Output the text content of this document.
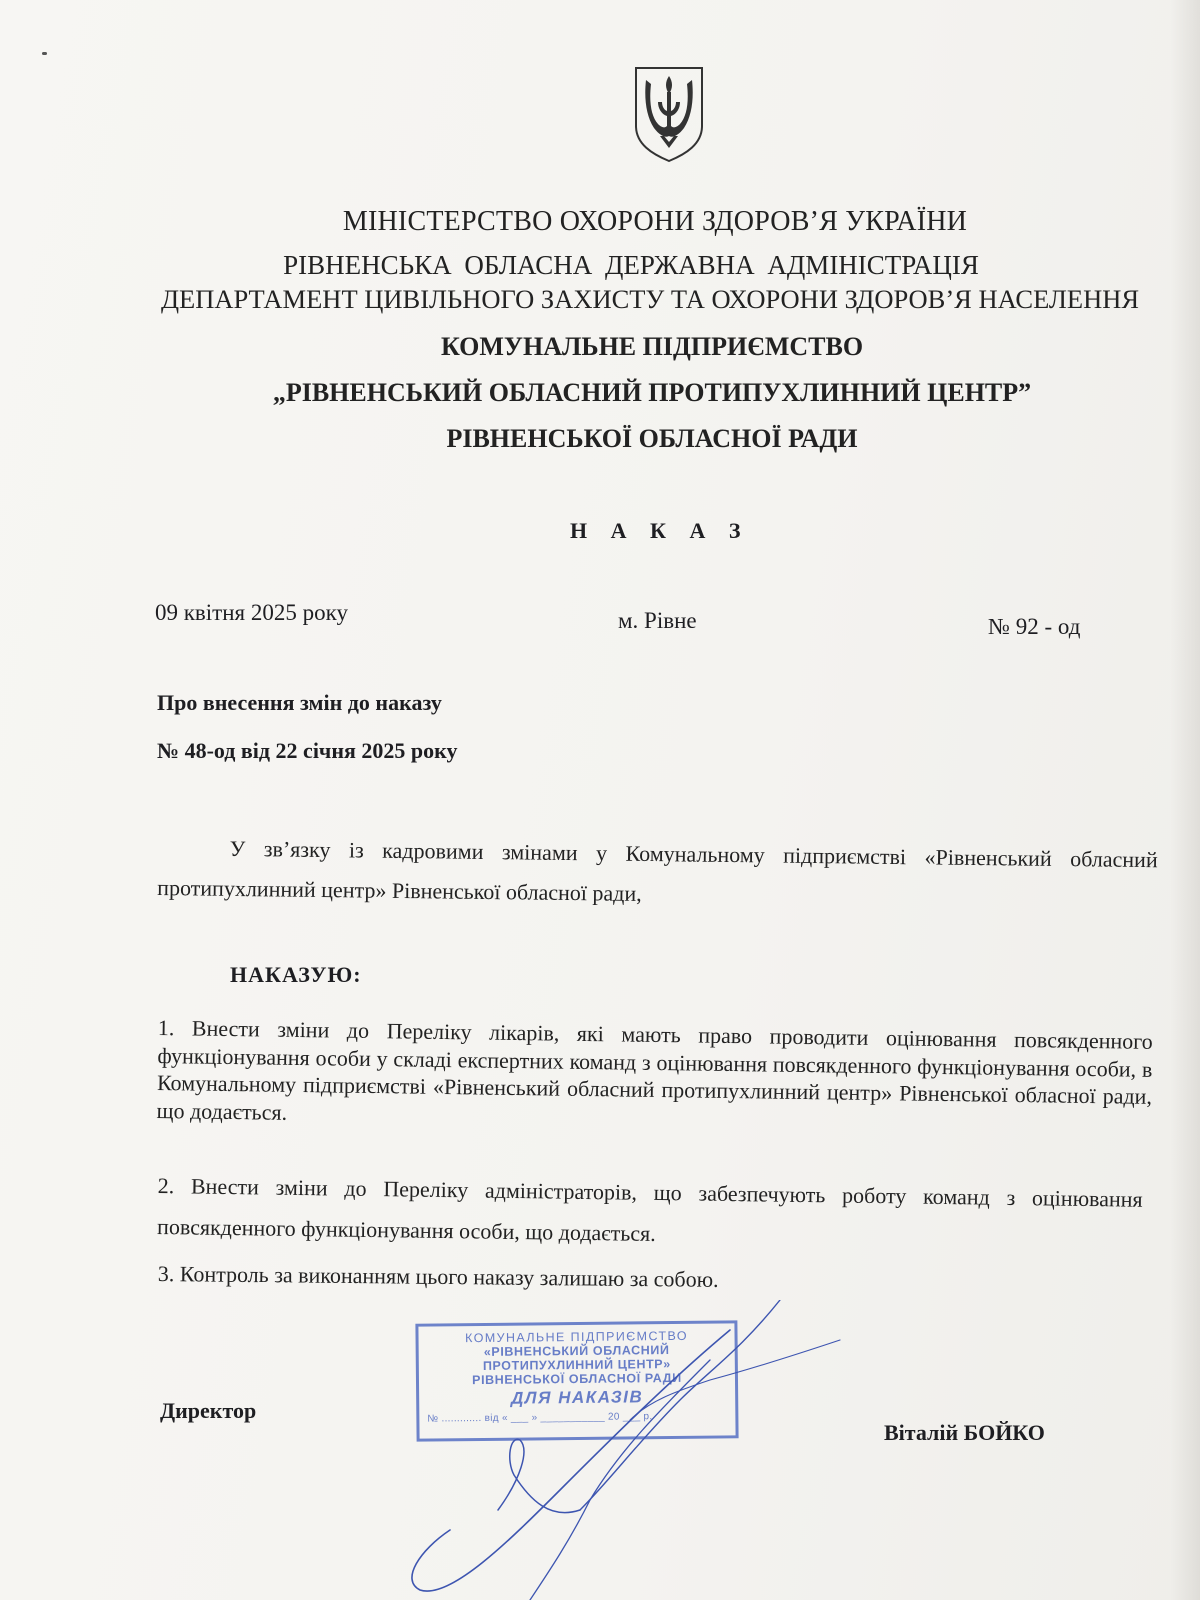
МІНІСТЕРСТВО ОХОРОНИ ЗДОРОВ’Я УКРАЇНИ
РІВНЕНСЬКА ОБЛАСНА ДЕРЖАВНА АДМІНІСТРАЦІЯ
ДЕПАРТАМЕНТ ЦИВІЛЬНОГО ЗАХИСТУ ТА ОХОРОНИ ЗДОРОВ’Я НАСЕЛЕННЯ
КОМУНАЛЬНЕ ПІДПРИЄМСТВО
„РІВНЕНСЬКИЙ ОБЛАСНИЙ ПРОТИПУХЛИННИЙ ЦЕНТР”
РІВНЕНСЬКОЇ ОБЛАСНОЇ РАДИ
Н А К А З
09 квітня 2025 року	м. Рівне	№ 92 - од
Про внесення змін до наказу
№ 48-од від 22 січня 2025 року
У зв’язку із кадровими змінами у Комунальному підприємстві «Рівненський обласний протипухлинний центр» Рівненської обласної ради,
НАКАЗУЮ:
1. Внести зміни до Переліку лікарів, які мають право проводити оцінювання повсякденного функціонування особи у складі експертних команд з оцінювання повсякденного функціонування особи, в Комунальному підприємстві «Рівненський обласний протипухлинний центр» Рівненської обласної ради, що додається.
2. Внести зміни до Переліку адміністраторів, що забезпечують роботу команд з оцінювання повсякденного функціонування особи, що додається.
3. Контроль за виконанням цього наказу залишаю за собою.
КОМУНАЛЬНЕ ПІДПРИЄМСТВО
«РІВНЕНСЬКИЙ ОБЛАСНИЙ
ПРОТИПУХЛИННИЙ ЦЕНТР»
РІВНЕНСЬКОЇ ОБЛАСНОЇ РАДИ
ДЛЯ НАКАЗІВ
№ ............. від « ___ » ___________ 20 ___ р.
Директор
Віталій БОЙКО
